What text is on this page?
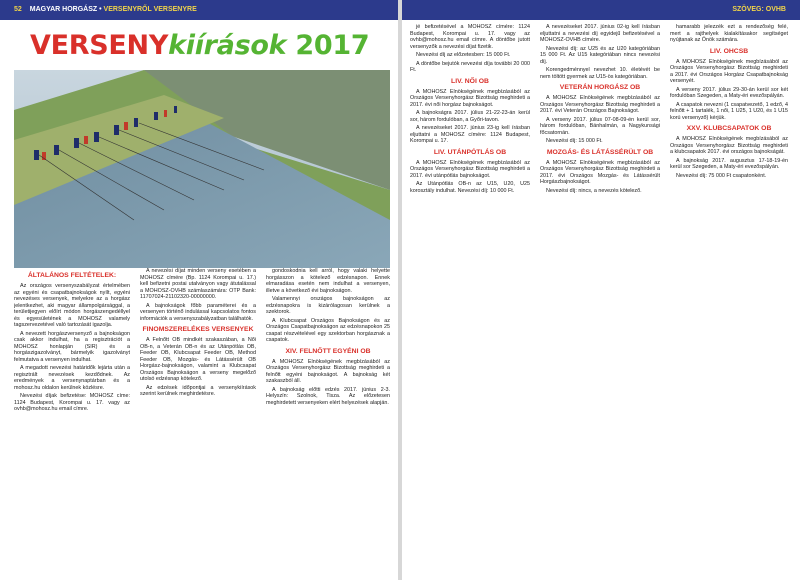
52 MAGYAR HORGÁSZ • VERSENYRŐL VERSENYRE	SZÖVEG: OVHB
VERSENYkiírások 2017
ÁLTALÁNOS FELTÉTELEK:

Az országos versenyszabályzat értelmében az egyéni és csapatbajnokságok nyílt, egyéni nevezéses versenyek, melyekre az a horgász jelentkezhet, aki magyar állampolgársággal, a területijegyen előírt módon horgászengedéllyel és egyesületének a MOHOSZ valamely tagszervezetével való tartozását igazolja.

A nevezett horgászversenyző a bajnokságon csak akkor indulhat, ha a regisztrációt a MOHOSZ honlapján (SIR) és a horgászigazolványt, bármelyik igazolványt felmutatva a versenyen indulhat.

A megadott nevezési határidők lejárta után a regisztrált nevezések kezdődnek. Az eredmények a versenynaptárban és a mohosz.hu oldalon kerülnek közlésre.

Nevezési díjak befizetése: MOHOSZ címe: 1124 Budapest, Korompai u. 17. vagy az ovhb@mohosz.hu email címre.

A nevezési díjat minden verseny esetében a MOHOSZ címére (Bp. 1124 Korompai u. 17.) kell befizetni postai utalványon vagy átutalással a MOHOSZ-OVHB számlaszámára: OTP Bank: 11707024-21102320-00000000.

A bajnokságok főbb paraméterei és a versenyen történő indulással kapcsolatos fontos információk a versenyszabályzatban találhatók.

FINOMSZERELÉKES VERSENYEK

A Felnőtt OB mindkét szakaszában, a Női OB-n, a Veterán OB-n és az Utánpótlás OB, Feeder OB, Klubcsapat Feeder OB, Method Feeder OB, Mozgás- és Látássérült OB Horgász-bajnokságon, valamint a Klubcsapat Országos Bajnokságon a verseny megelőző utolsó edzésnap kötelező.

Az edzések időpontjai a versenykiírások szerint kerülnek meghirdetésre.

gondoskodnia kell arról, hogy valaki helyette horgásszon a kötelező edzésnapon. Ennek elmaradása esetén nem indulhat a versenyen, illetve a következő évi bajnokságon.

Valamennyi országos bajnokságon az edzésnapokra is kizárólagosan kerülnek a szektorok.

A Klubcsapat Országos Bajnokságon és az Országos Csapatbajnokságon az edzésnapokon 25 csapat részvételével egy szektorban horgásznak a csapatok.

XIV. FELNŐTT EGYÉNI OB

A MOHOSZ Elnökségének megbízásából az Országos Versenyhorgász Bizottság meghirdeti a felnőtt egyéni bajnokságot. A bajnokság két szakaszból áll.

A bajnokság előtti edzés 2017. június 2-3. Helyszín: Szolnok, Tisza. Az előzetesen meghirdetett versenyeken elért helyezések alapján.

jé befizetésével a MOHOSZ címére: 1124 Budapest, Korompai u. 17. vagy az ovhb@mohosz.hu email címre. A döntőbe jutott versenyzők a nevezési díjat fizetik.

Nevezési díj az előzetesben: 15 000 Ft.

A döntőbe bejutók nevezési díja további 20 000 Ft.

LIV. NŐI OB

A MOHOSZ Elnökségének megbízásából az Országos Versenyhorgász Bizottság meghirdeti a 2017. évi női horgász bajnokságot.

A bajnokságra 2017. július 21-22-23-án kerül sor, három fordulóban, a Győri-tavon.

A nevezéseket 2017. június 23-ig kell írásban eljuttatni a MOHOSZ címére: 1124 Budapest, Korompai u. 17.

LIV. UTÁNPÓTLÁS OB

A MOHOSZ Elnökségének megbízásából az Országos Versenyhorgász Bizottság meghirdeti a 2017. évi utánpótlás bajnokságot.

Az Utánpótlás OB-n az U15, U20, U25 korosztály indulhat. Nevezési díj: 10 000 Ft.

A nevezéseket 2017. június 02-ig kell írásban eljuttatni a nevezési díj egyidejű befizetésével a MOHOSZ-OVHB címére.

Nevezési díj: az U25 és az U20 kategóriában 15 000 Ft. Az U15 kategóriában nincs nevezési díj.

Korengedménnyel nevezhet 10. életévét be nem töltött gyermek az U15-ös kategóriában.

VETERÁN HORGÁSZ OB

A MOHOSZ Elnökségének megbízásából az Országos Versenyhorgász Bizottság meghirdeti a 2017. évi Veterán Országos Bajnokságot.

A verseny 2017. július 07-08-09-én kerül sor, három fordulóban, Bánhalmán, a Nagykunsági főcsatornán.

Nevezési díj: 15 000 Ft.

MOZGÁS- ÉS LÁTÁSSÉRÜLT OB

A MOHOSZ Elnökségének megbízásából az Országos Versenyhorgász Bizottság meghirdeti a 2017. évi Országos Mozgás- és Látássérült Horgászbajnokságot.

Nevezési díj: nincs, a nevezés kötelező.

hamarabb jelezzék ezt a rendezőség felé, mert a rajthelyek kialakításakor segítséget nyújtanak az Önök számára.

LIV. OHCSB

A MOHOSZ Elnökségének megbízásából az Országos Versenyhorgász Bizottság meghirdeti a 2017. évi Országos Horgász Csapatbajnokság versenyét.

A verseny 2017. július 29-30-án kerül sor két fordulóban Szegeden, a Maty-éri evezőspályán.

A csapatok nevezni (1 csapatvezető, 1 edző, 4 felnőtt + 1 tartalék, 1 női, 1 U25, 1 U20, és 1 U15 korú versenyző) kérjük.

XXV. KLUBCSAPATOK OB

A MOHOSZ Elnökségének megbízásából az Országos Versenyhorgász Bizottság meghirdeti a klubcsapatok 2017. évi országos bajnokságát.

A bajnokság 2017. augusztus 17-18-19-én kerül sor Szegeden, a Maty-éri evezőspályán.

Nevezési díj: 75 000 Ft csapatonként.
